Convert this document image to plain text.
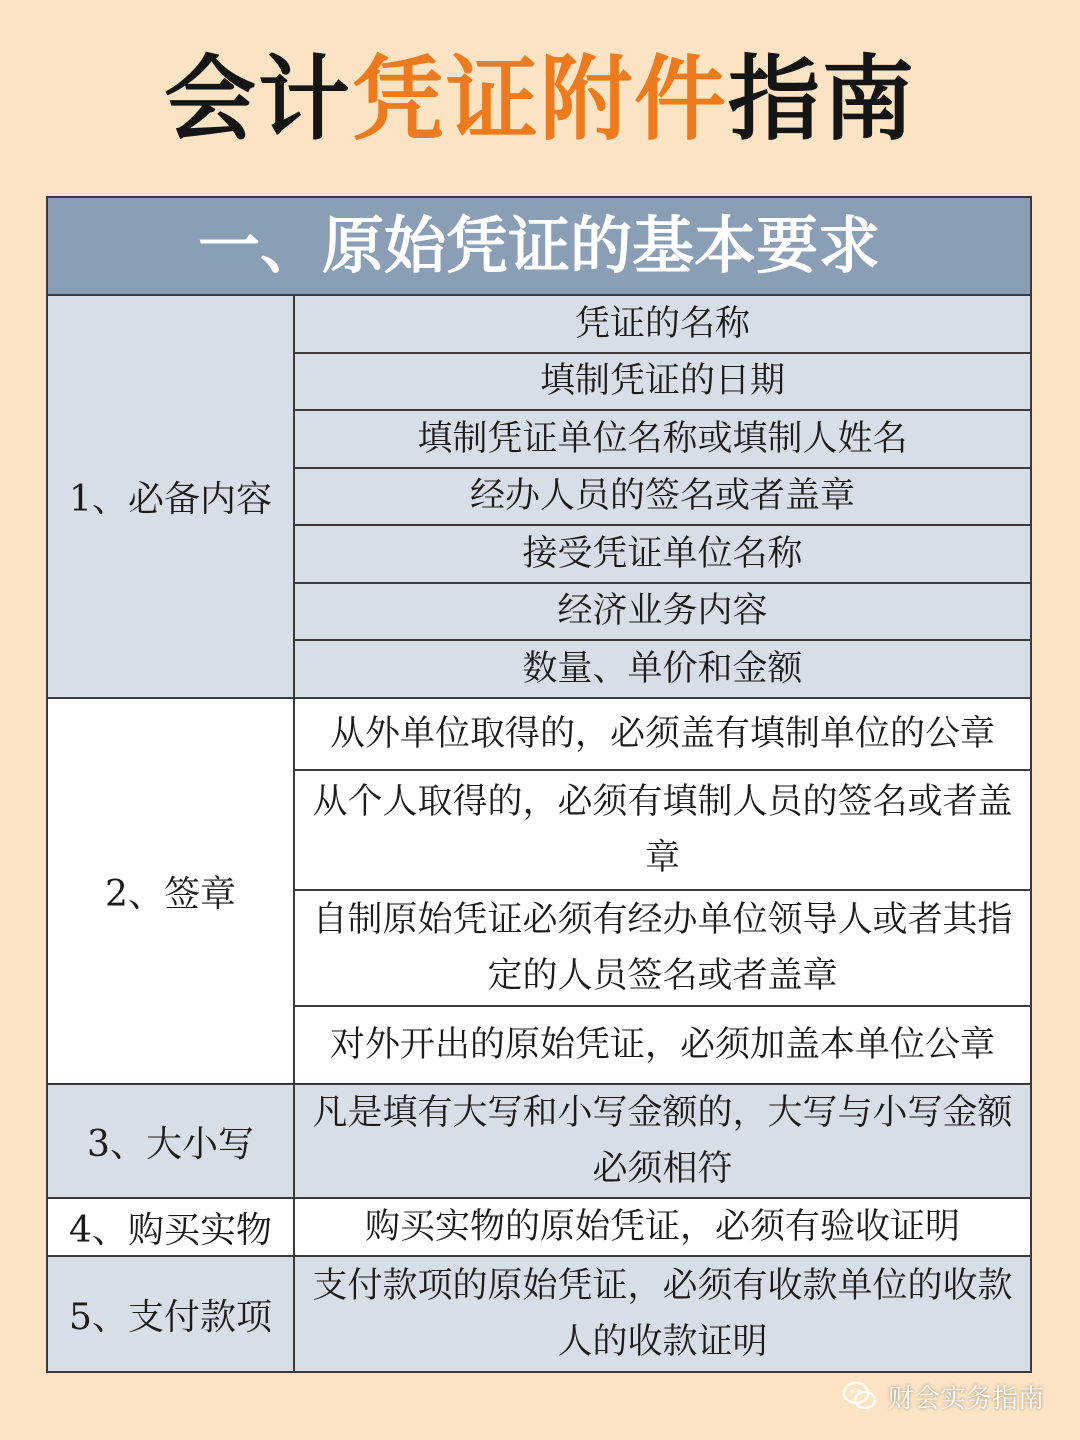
会计凭证附件指南
一、原始凭证的基本要求
1、必备内容
凭证的名称
填制凭证的日期
填制凭证单位名称或填制人姓名
经办人员的签名或者盖章
接受凭证单位名称
经济业务内容
数量、单价和金额
2、签章
从外单位取得的，必须盖有填制单位的公章
从个人取得的，必须有填制人员的签名或者盖章
自制原始凭证必须有经办单位领导人或者其指定的人员签名或者盖章
对外开出的原始凭证，必须加盖本单位公章
3、大小写
凡是填有大写和小写金额的，大写与小写金额必须相符
4、购买实物	购买实物的原始凭证，必须有验收证明
5、支付款项
支付款项的原始凭证，必须有收款单位的收款人的收款证明
财会实务指南
